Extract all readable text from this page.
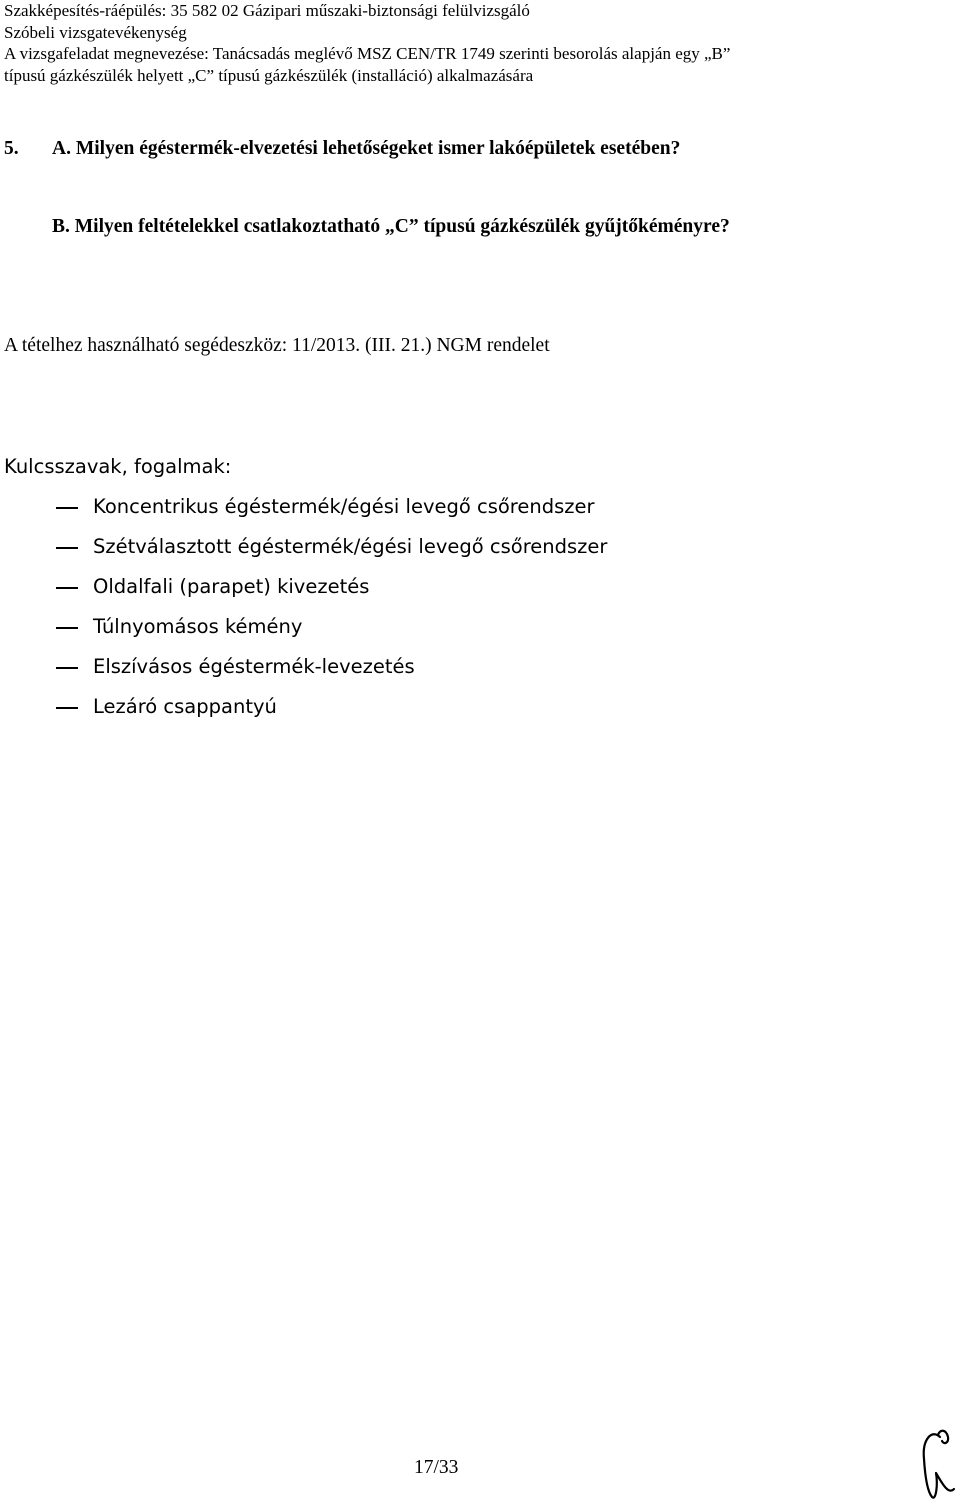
Szakképesítés-ráépülés: 35 582 02 Gázipari műszaki-biztonsági felülvizsgáló
Szóbeli vizsgatevékenység
A vizsgafeladat megnevezése: Tanácsadás meglévő MSZ CEN/TR 1749 szerinti besorolás alapján egy „B”
típusú gázkészülék helyett „C” típusú gázkészülék (installáció) alkalmazására
5. A. Milyen égéstermék-elvezetési lehetőségeket ismer lakóépületek esetében?
B. Milyen feltételekkel csatlakoztatható „C” típusú gázkészülék gyűjtőkéményre?
A tételhez használható segédeszköz: 11/2013. (III. 21.) NGM rendelet
Kulcsszavak, fogalmak:
Koncentrikus égéstermék/égési levegő csőrendszer
Szétválasztott égéstermék/égési levegő csőrendszer
Oldalfali (parapet) kivezetés
Túlnyomásos kémény
Elszívásos égéstermék-levezetés
Lezáró csappantyú
17/33
